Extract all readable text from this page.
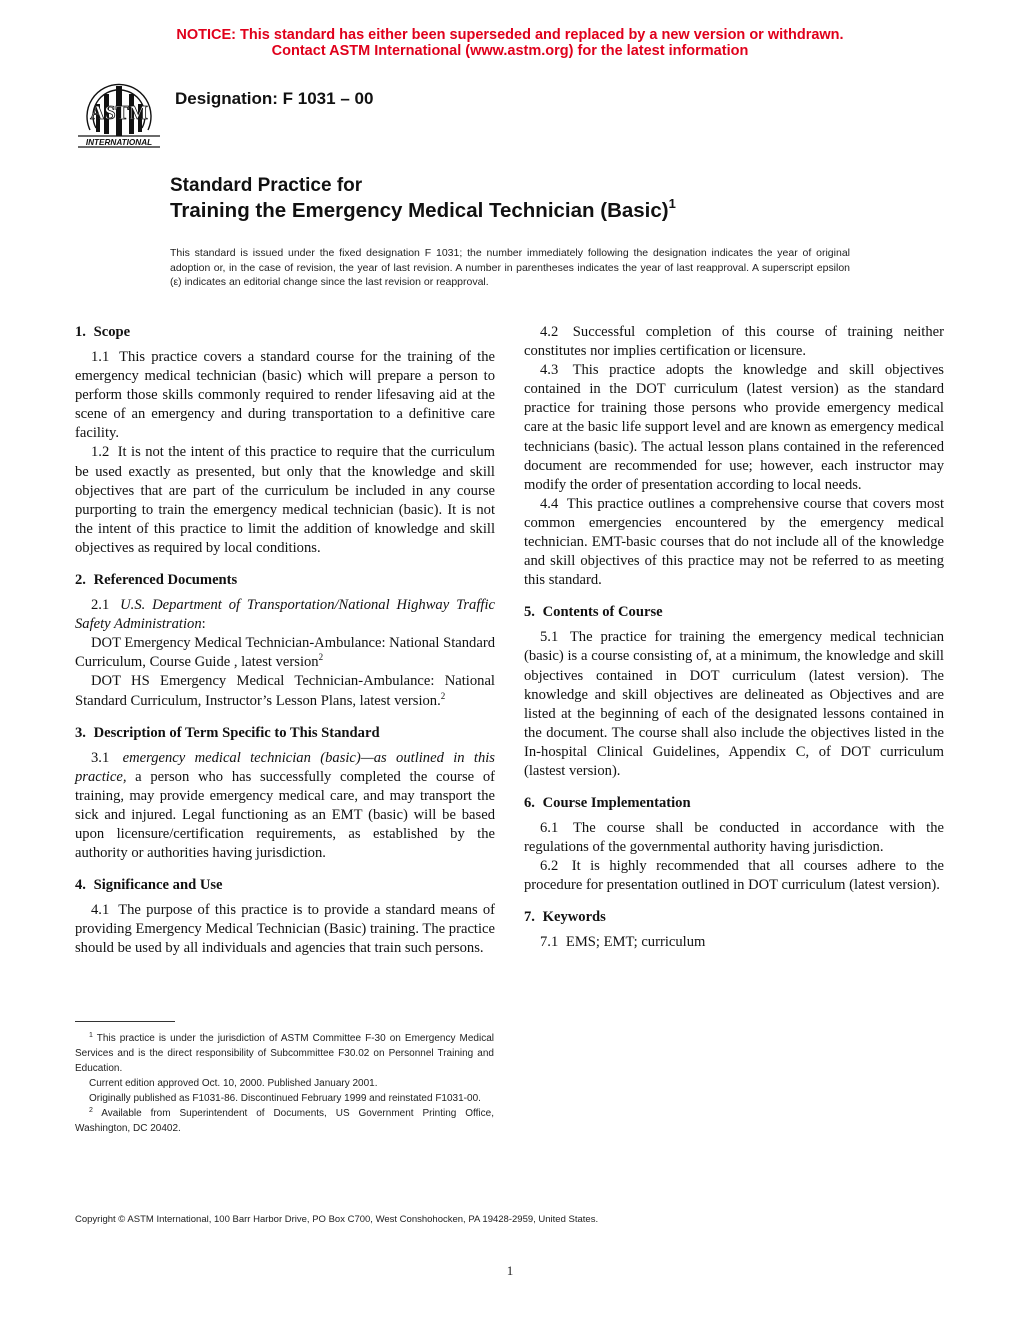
NOTICE: This standard has either been superseded and replaced by a new version or withdrawn.
Contact ASTM International (www.astm.org) for the latest information
ASTM
INTERNATIONAL
Designation: F 1031 – 00
Standard Practice for
Training the Emergency Medical Technician (Basic)$^1$
This standard is issued under the fixed designation F 1031; the number immediately following the designation indicates the year of original adoption or, in the case of revision, the year of last revision. A number in parentheses indicates the year of last reapproval. A superscript epsilon (ε) indicates an editorial change since the last revision or reapproval.
1. Scope

1.1 This practice covers a standard course for the training of the emergency medical technician (basic) which will prepare a person to perform those skills commonly required to render lifesaving aid at the scene of an emergency and during transportation to a definitive care facility.

1.2 It is not the intent of this practice to require that the curriculum be used exactly as presented, but only that the knowledge and skill objectives that are part of the curriculum be included in any course purporting to train the emergency medical technician (basic). It is not the intent of this practice to limit the addition of knowledge and skill objectives as required by local conditions.

2. Referenced Documents

2.1 U.S. Department of Transportation/National Highway Traffic Safety Administration:

DOT Emergency Medical Technician-Ambulance: National Standard Curriculum, Course Guide , latest version$^2$

DOT HS Emergency Medical Technician-Ambulance: National Standard Curriculum, Instructor’s Lesson Plans, latest version.$^2$

3. Description of Term Specific to This Standard

3.1 emergency medical technician (basic)—as outlined in this practice, a person who has successfully completed the course of training, may provide emergency medical care, and may transport the sick and injured. Legal functioning as an EMT (basic) will be based upon licensure/certification requirements, as established by the authority or authorities having jurisdiction.

4. Significance and Use

4.1 The purpose of this practice is to provide a standard means of providing Emergency Medical Technician (Basic) training. The practice should be used by all individuals and agencies that train such persons.

4.2 Successful completion of this course of training neither constitutes nor implies certification or licensure.

4.3 This practice adopts the knowledge and skill objectives contained in the DOT curriculum (latest version) as the standard practice for training those persons who provide emergency medical care at the basic life support level and are known as emergency medical technicians (basic). The actual lesson plans contained in the referenced document are recommended for use; however, each instructor may modify the order of presentation according to local needs.

4.4 This practice outlines a comprehensive course that covers most common emergencies encountered by the emergency medical technician. EMT-basic courses that do not include all of the knowledge and skill objectives of this practice may not be referred to as meeting this standard.

5. Contents of Course

5.1 The practice for training the emergency medical technician (basic) is a course consisting of, at a minimum, the knowledge and skill objectives contained in DOT curriculum (latest version). The knowledge and skill objectives are delineated as Objectives and are listed at the beginning of each of the designated lessons contained in the document. The course shall also include the objectives listed in the In-hospital Clinical Guidelines, Appendix C, of DOT curriculum (lastest version).

6. Course Implementation

6.1 The course shall be conducted in accordance with the regulations of the governmental authority having jurisdiction.

6.2 It is highly recommended that all courses adhere to the procedure for presentation outlined in DOT curriculum (latest version).

7. Keywords

7.1 EMS; EMT; curriculum

$^1$ This practice is under the jurisdiction of ASTM Committee F-30 on Emergency Medical Services and is the direct responsibility of Subcommittee F30.02 on Personnel Training and Education.

Current edition approved Oct. 10, 2000. Published January 2001.

Originally published as F1031-86. Discontinued February 1999 and reinstated F1031-00.

$^2$ Available from Superintendent of Documents, US Government Printing Office, Washington, DC 20402.

Copyright © ASTM International, 100 Barr Harbor Drive, PO Box C700, West Conshohocken, PA 19428-2959, United States.
1
